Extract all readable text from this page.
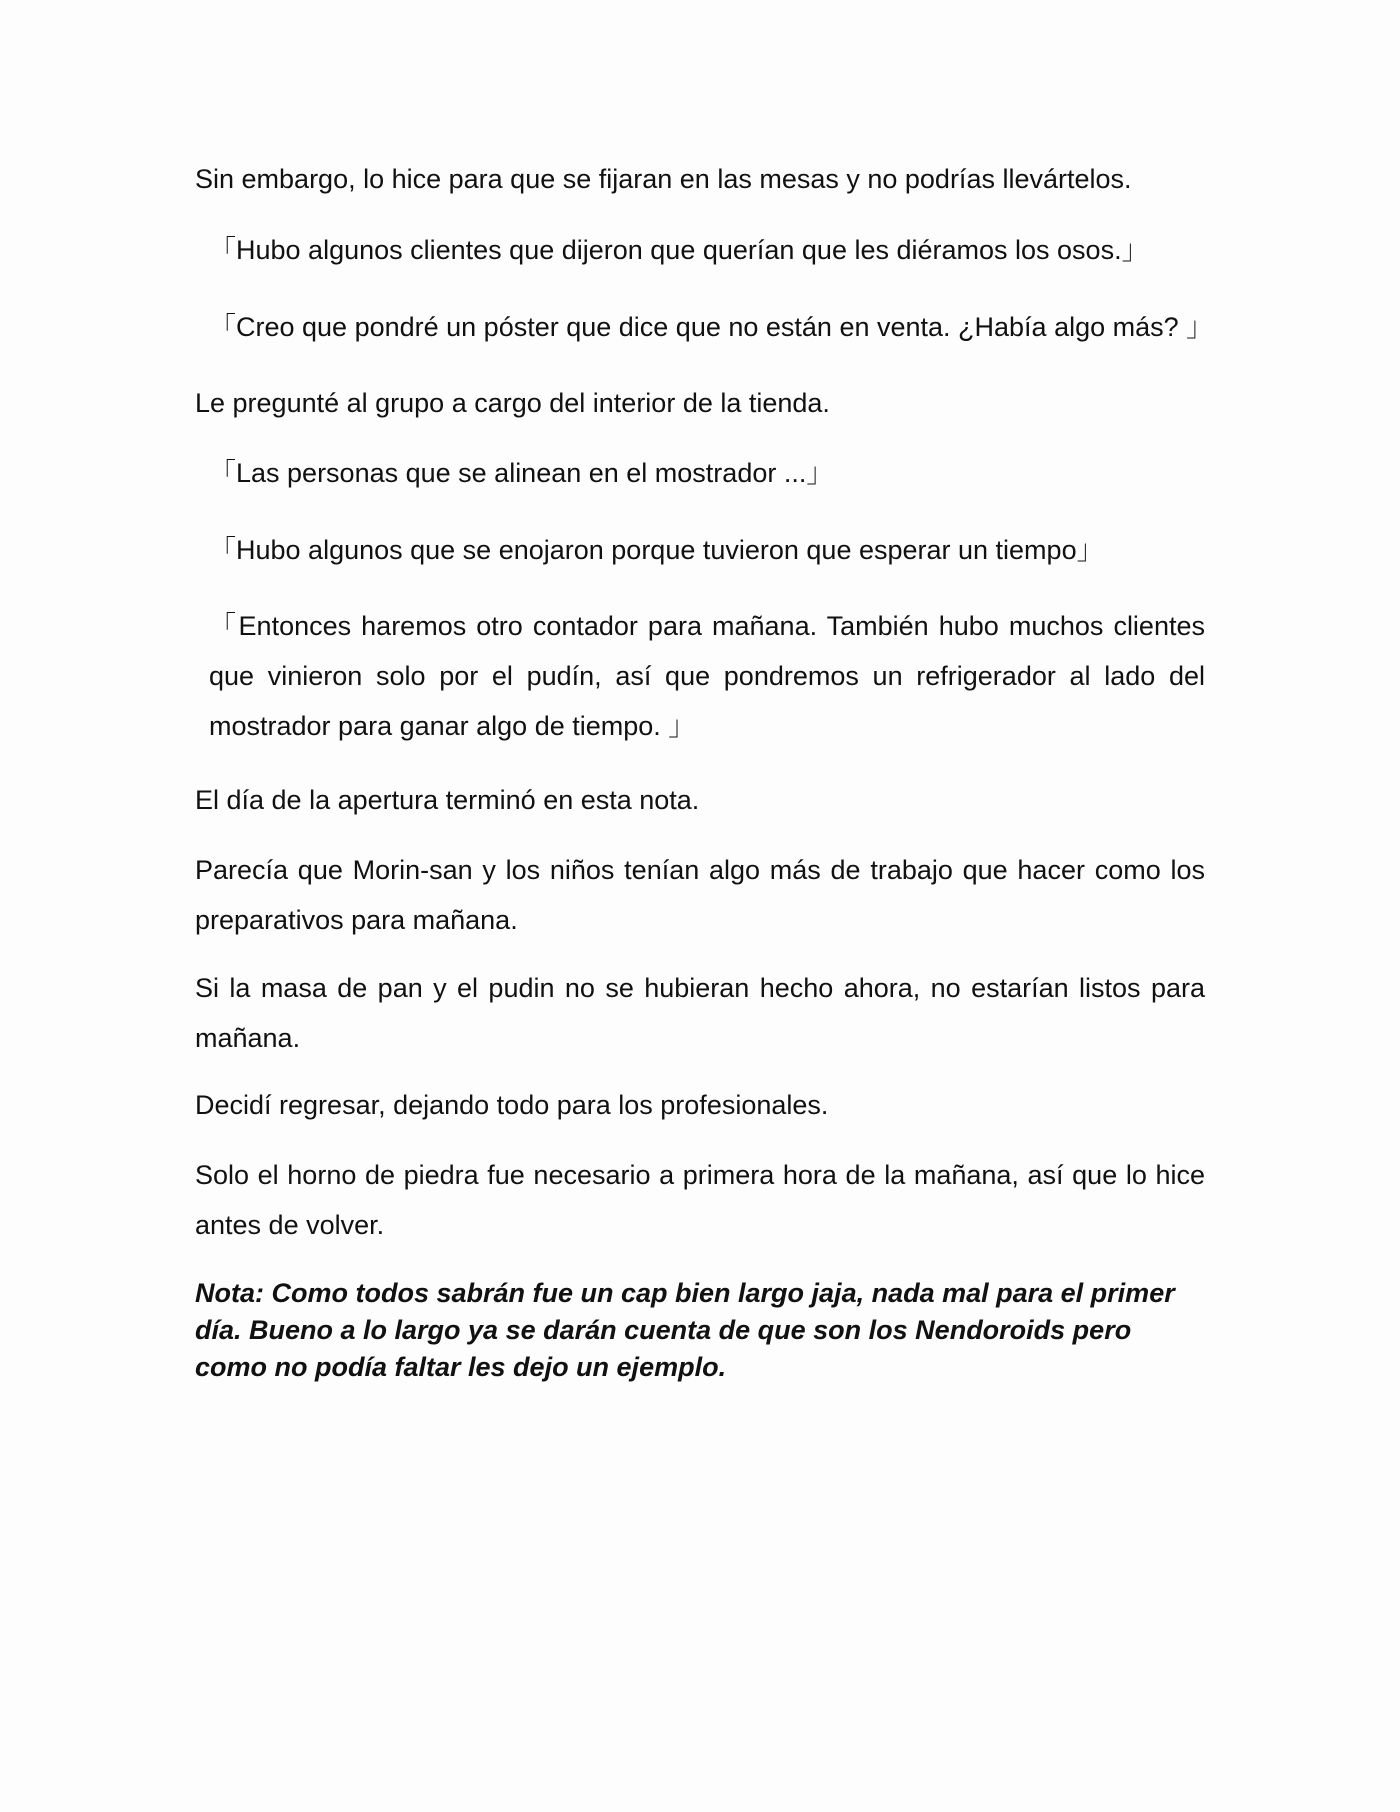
Sin embargo, lo hice para que se fijaran en las mesas y no podrías llevártelos.

「Hubo algunos clientes que dijeron que querían que les diéramos los osos.」

「Creo que pondré un póster que dice que no están en venta. ¿Había algo más? 」

Le pregunté al grupo a cargo del interior de la tienda.

「Las personas que se alinean en el mostrador ...」

「Hubo algunos que se enojaron porque tuvieron que esperar un tiempo」

「Entonces haremos otro contador para mañana. También hubo muchos clientes que vinieron solo por el pudín, así que pondremos un refrigerador al lado del mostrador para ganar algo de tiempo. 」

El día de la apertura terminó en esta nota.

Parecía que Morin-san y los niños tenían algo más de trabajo que hacer como los preparativos para mañana.

Si la masa de pan y el pudin no se hubieran hecho ahora, no estarían listos para mañana.

Decidí regresar, dejando todo para los profesionales.

Solo el horno de piedra fue necesario a primera hora de la mañana, así que lo hice antes de volver.

Nota: Como todos sabrán fue un cap bien largo jaja, nada mal para el primer día. Bueno a lo largo ya se darán cuenta de que son los Nendoroids pero como no podía faltar les dejo un ejemplo.
